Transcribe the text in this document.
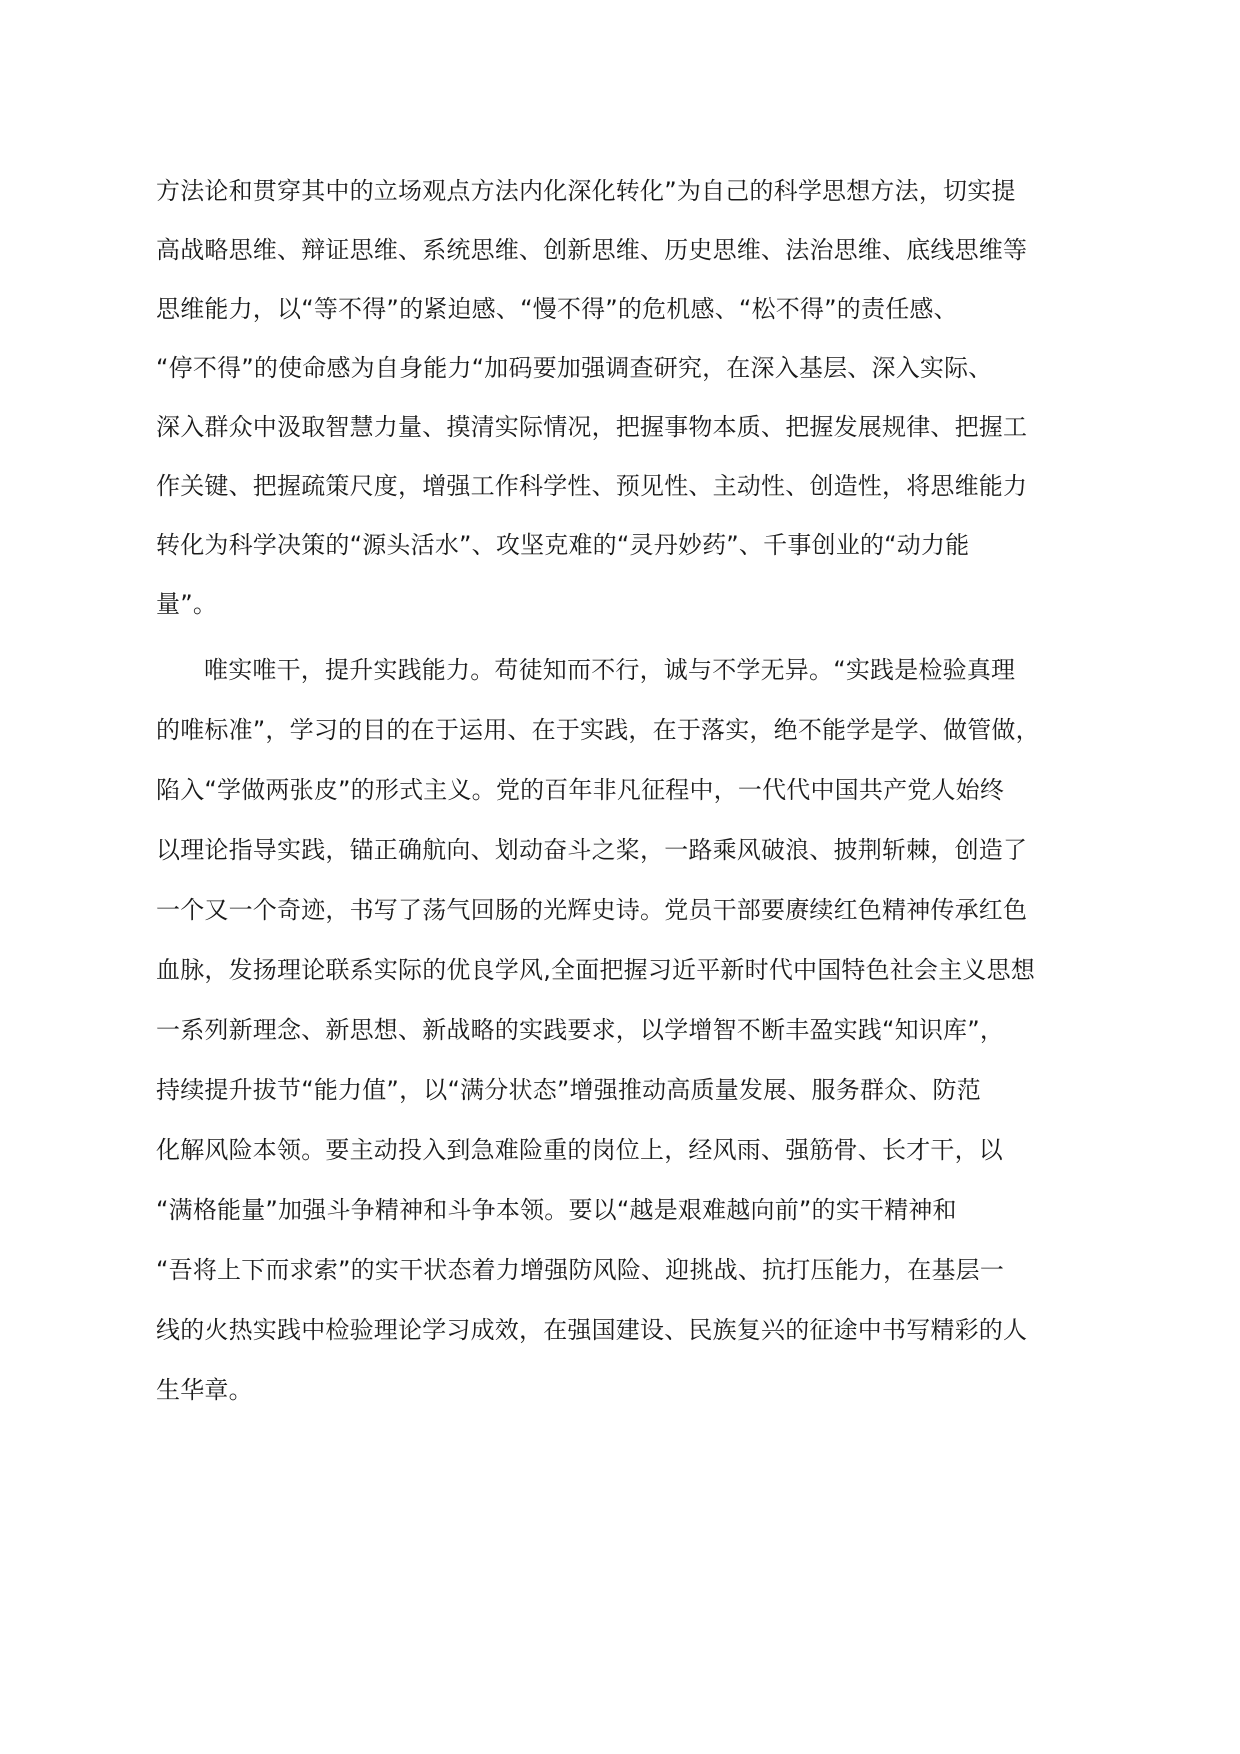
方法论和贯穿其中的立场观点方法内化深化转化”为自己的科学思想方法，切实提
高战略思维、辩证思维、系统思维、创新思维、历史思维、法治思维、底线思维等
思维能力，以“等不得”的紧迫感、“慢不得”的危机感、“松不得”的责任感、
“停不得”的使命感为自身能力“加码要加强调查研究，在深入基层、深入实际、
深入群众中汲取智慧力量、摸清实际情况，把握事物本质、把握发展规律、把握工
作关键、把握疏策尺度，增强工作科学性、预见性、主动性、创造性，将思维能力
转化为科学决策的“源头活水”、攻坚克难的“灵丹妙药”、千事创业的“动力能
量”。
唯实唯干，提升实践能力。苟徒知而不行，诚与不学无异。“实践是检验真理
的唯标准”，学习的目的在于运用、在于实践，在于落实，绝不能学是学、做管做，
陷入“学做两张皮”的形式主义。党的百年非凡征程中，一代代中国共产党人始终
以理论指导实践，锚正确航向、划动奋斗之桨，一路乘风破浪、披荆斩棘，创造了
一个又一个奇迹，书写了荡气回肠的光辉史诗。党员干部要赓续红色精神传承红色
血脉，发扬理论联系实际的优良学风,全面把握习近平新时代中国特色社会主义思想
一系列新理念、新思想、新战略的实践要求，以学增智不断丰盈实践“知识库”，
持续提升拔节“能力值”，以“满分状态”增强推动高质量发展、服务群众、防范
化解风险本领。要主动投入到急难险重的岗位上，经风雨、强筋骨、长才干，以
“满格能量”加强斗争精神和斗争本领。要以“越是艰难越向前”的实干精神和
“吾将上下而求索”的实干状态着力增强防风险、迎挑战、抗打压能力，在基层一
线的火热实践中检验理论学习成效，在强国建设、民族复兴的征途中书写精彩的人
生华章。
